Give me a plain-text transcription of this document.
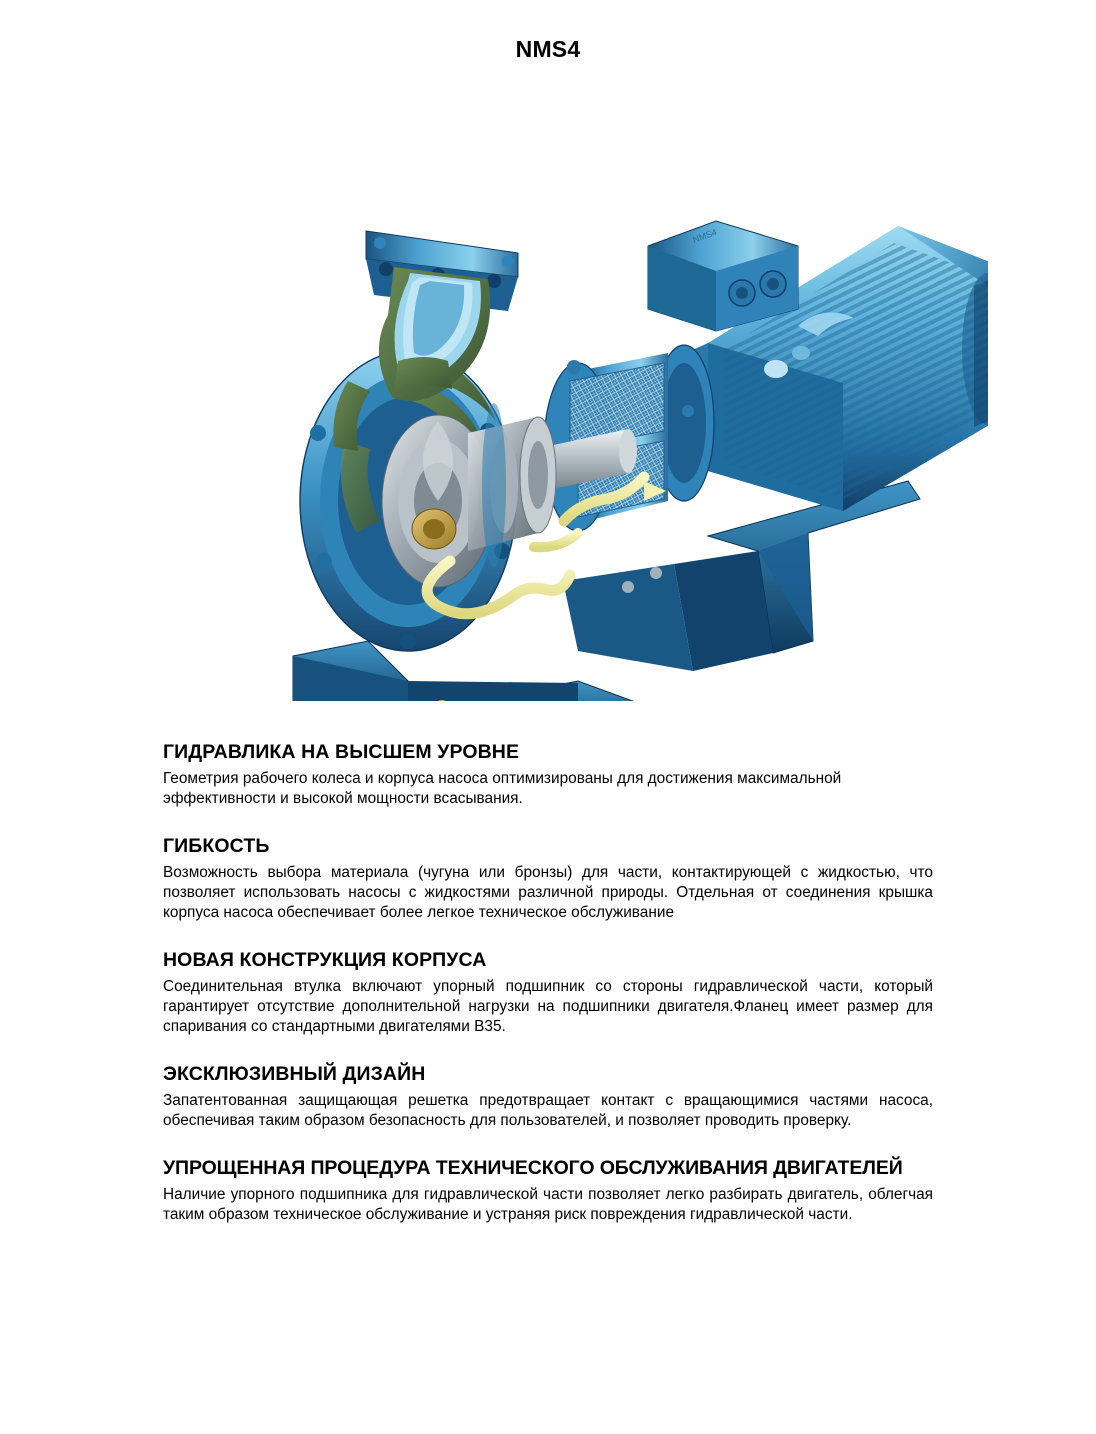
NMS4
NMS4
ГИДРАВЛИКА НА ВЫСШЕМ УРОВНЕ

Геометрия рабочего колеса и корпуса насоса оптимизированы для достижения максимальной эффективности и высокой мощности всасывания.

ГИБКОСТЬ

Возможность выбора материала (чугуна или бронзы) для части, контактирующей с жидкостью, что позволяет использовать насосы с жидкостями различной природы. Отдельная от соединения крышка корпуса насоса обеспечивает более легкое техническое обслуживание

НОВАЯ КОНСТРУКЦИЯ КОРПУСА

Соединительная втулка включают упорный подшипник со стороны гидравлической части, который гарантирует отсутствие дополнительной нагрузки на подшипники двигателя.Фланец имеет размер для спаривания со стандартными двигателями В35.

ЭКСКЛЮЗИВНЫЙ ДИЗАЙН

Запатентованная защищающая решетка предотвращает контакт с вращающимися частями насоса, обеспечивая таким образом безопасность для пользователей, и позволяет проводить проверку.

УПРОЩЕННАЯ ПРОЦЕДУРА ТЕХНИЧЕСКОГО ОБСЛУЖИВАНИЯ ДВИГАТЕЛЕЙ

Наличие упорного подшипника для гидравлической части позволяет легко разбирать двигатель, облегчая таким образом техническое обслуживание и устраняя риск повреждения гидравлической части.
